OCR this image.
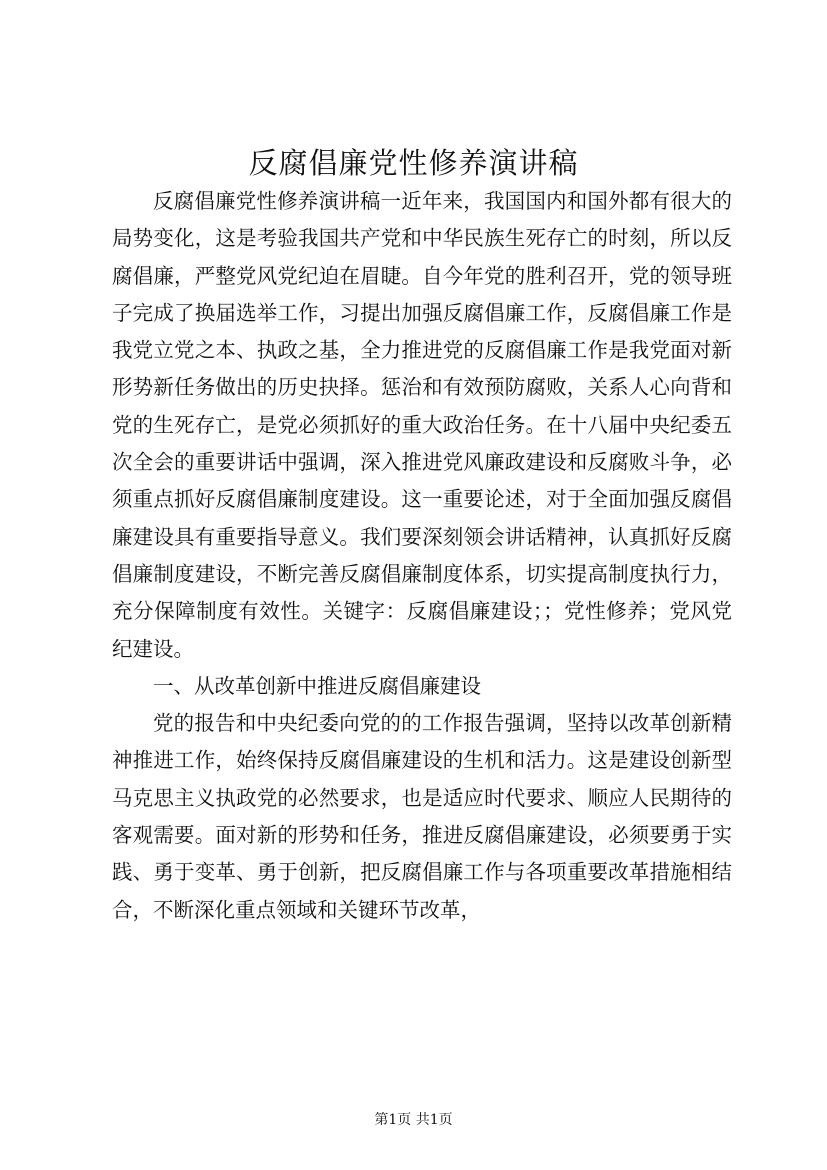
反腐倡廉党性修养演讲稿

反腐倡廉党性修养演讲稿一近年来，我国国内和国外都有很大的局势变化，这是考验我国共产党和中华民族生死存亡的时刻，所以反腐倡廉，严整党风党纪迫在眉睫。自今年党的胜利召开，党的领导班子完成了换届选举工作，习提出加强反腐倡廉工作，反腐倡廉工作是我党立党之本、执政之基，全力推进党的反腐倡廉工作是我党面对新形势新任务做出的历史抉择。惩治和有效预防腐败，关系人心向背和党的生死存亡，是党必须抓好的重大政治任务。在十八届中央纪委五次全会的重要讲话中强调，深入推进党风廉政建设和反腐败斗争，必须重点抓好反腐倡廉制度建设。这一重要论述，对于全面加强反腐倡廉建设具有重要指导意义。我们要深刻领会讲话精神，认真抓好反腐倡廉制度建设，不断完善反腐倡廉制度体系，切实提高制度执行力，充分保障制度有效性。关键字：反腐倡廉建设；；党性修养；党风党纪建设。

一、从改革创新中推进反腐倡廉建设

党的报告和中央纪委向党的的工作报告强调，坚持以改革创新精神推进工作，始终保持反腐倡廉建设的生机和活力。这是建设创新型马克思主义执政党的必然要求，也是适应时代要求、顺应人民期待的客观需要。面对新的形势和任务，推进反腐倡廉建设，必须要勇于实践、勇于变革、勇于创新，把反腐倡廉工作与各项重要改革措施相结合，不断深化重点领域和关键环节改革，

第1页 共1页
